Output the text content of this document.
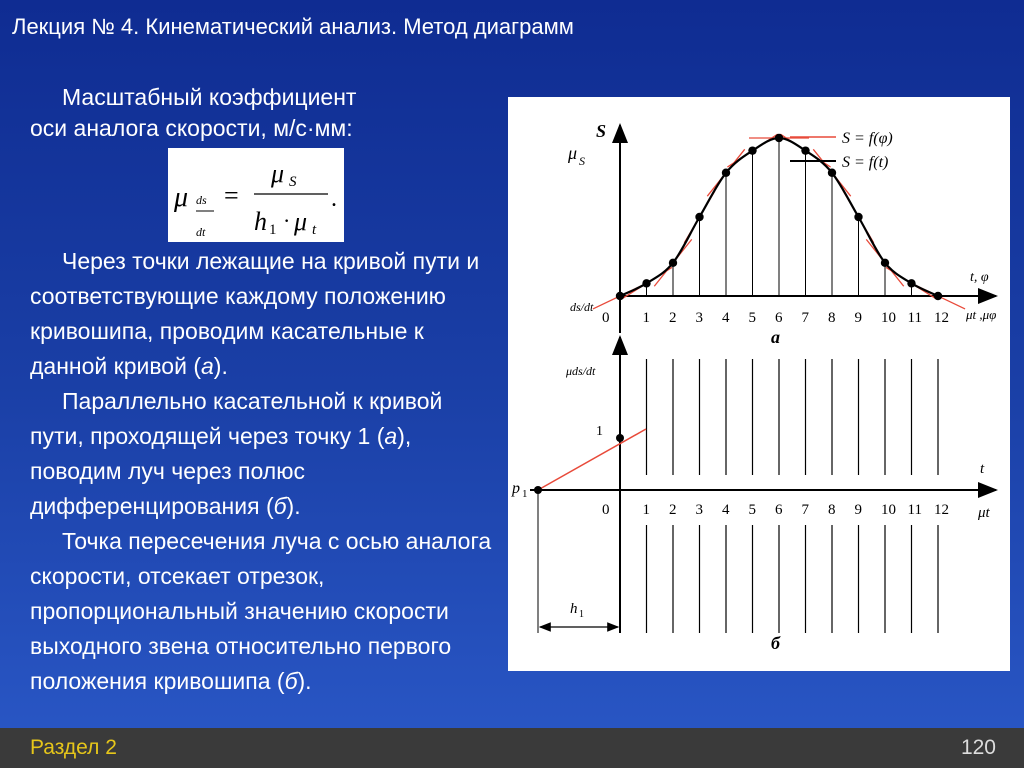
Лекция № 4. Кинематический анализ. Метод диаграмм
Масштабный коэффициент
оси аналога скорости, м/с·мм:
μ ds
dt
=
μ S
h 1 · μ t
.

Через точки лежащие на кривой пути и соответствующие каждому положению кривошипа, проводим касательные к данной кривой (а).

Параллельно касательной к кривой пути, проходящей через точку 1 (а), поводим луч через полюс дифференцирования (б).

Точка пересечения луча с осью аналога скорости, отсекает отрезок, пропорциональный значению скорости выходного звена относительно первого положения кривошипа (б).

0 1 2 3 4 5 6 7 8 9 10 11 12
S
μ S
S = f(φ)
S = f(t)
t, φ
μt ,μφ
ds/dt
а
0 1 2 3 4 5 6 7 8 9 10 11 12
μds/dt
1
t
p 1
μt
h 1
б
Раздел 2	120
